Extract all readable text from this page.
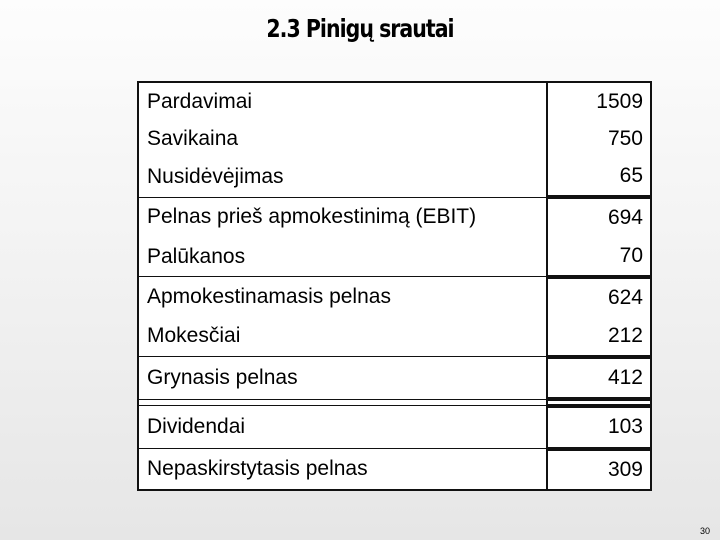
2.3 Pinigų srautai
Pardavimai	1509
Savikaina	750
Nusidėvėjimas	65
Pelnas prieš apmokestinimą (EBIT)	694
Palūkanos	70
Apmokestinamasis pelnas	624
Mokesčiai	212
Grynasis pelnas	412

Dividendai	103
Nepaskirstytasis pelnas	309
30
